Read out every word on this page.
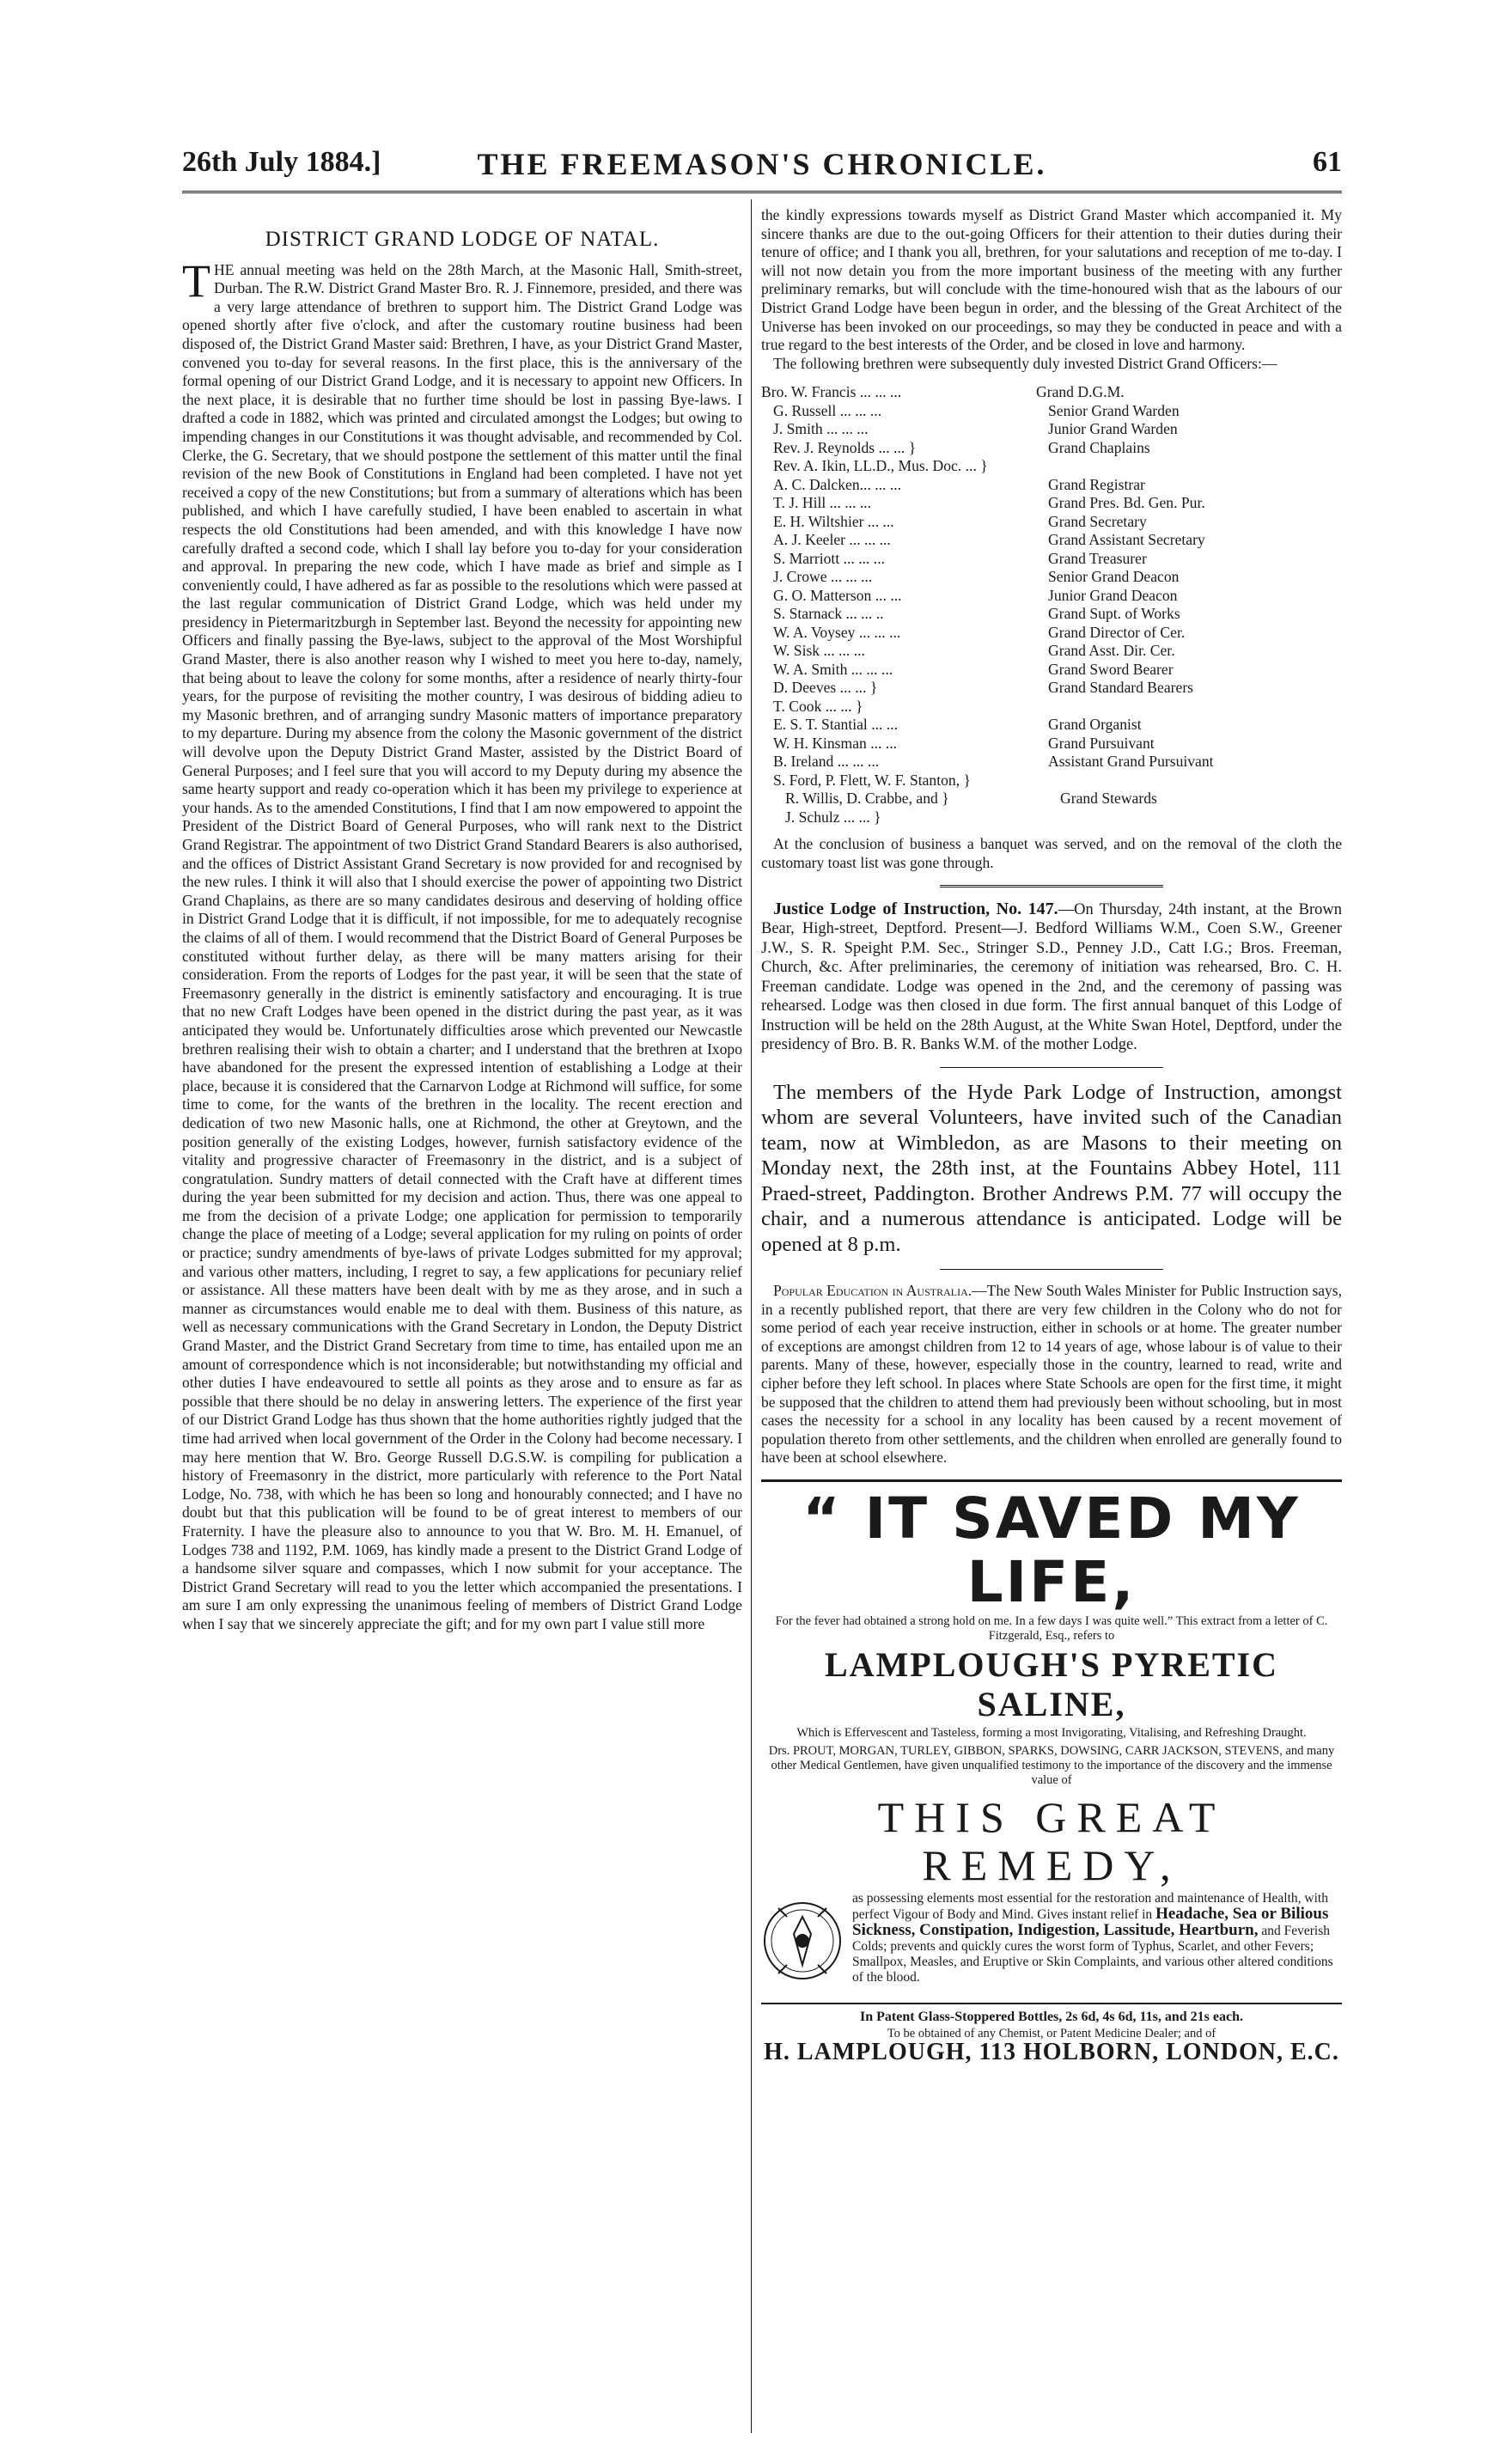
26th July 1884.]	THE FREEMASON'S CHRONICLE.	61
DISTRICT GRAND LODGE OF NATAL.

THE annual meeting was held on the 28th March, at the Masonic Hall, Smith-street, Durban. The R.W. District Grand Master Bro. R. J. Finnemore, presided, and there was a very large attendance of brethren to support him. The District Grand Lodge was opened shortly after five o'clock, and after the customary routine business had been disposed of, the District Grand Master said: Brethren, I have, as your District Grand Master, convened you to-day for several reasons. In the first place, this is the anniversary of the formal opening of our District Grand Lodge, and it is necessary to appoint new Officers. In the next place, it is desirable that no further time should be lost in passing Bye-laws. I drafted a code in 1882, which was printed and circulated amongst the Lodges; but owing to impending changes in our Constitutions it was thought advisable, and recommended by Col. Clerke, the G. Secretary, that we should postpone the settlement of this matter until the final revision of the new Book of Constitutions in England had been completed. I have not yet received a copy of the new Constitutions; but from a summary of alterations which has been published, and which I have carefully studied, I have been enabled to ascertain in what respects the old Constitutions had been amended, and with this knowledge I have now carefully drafted a second code, which I shall lay before you to-day for your consideration and approval. In preparing the new code, which I have made as brief and simple as I conveniently could, I have adhered as far as possible to the resolutions which were passed at the last regular communication of District Grand Lodge, which was held under my presidency in Pietermaritzburgh in September last. Beyond the necessity for appointing new Officers and finally passing the Bye-laws, subject to the approval of the Most Worshipful Grand Master, there is also another reason why I wished to meet you here to-day, namely, that being about to leave the colony for some months, after a residence of nearly thirty-four years, for the purpose of revisiting the mother country, I was desirous of bidding adieu to my Masonic brethren, and of arranging sundry Masonic matters of importance preparatory to my departure. During my absence from the colony the Masonic government of the district will devolve upon the Deputy District Grand Master, assisted by the District Board of General Purposes; and I feel sure that you will accord to my Deputy during my absence the same hearty support and ready co-operation which it has been my privilege to experience at your hands. As to the amended Constitutions, I find that I am now empowered to appoint the President of the District Board of General Purposes, who will rank next to the District Grand Registrar. The appointment of two District Grand Standard Bearers is also authorised, and the offices of District Assistant Grand Secretary is now provided for and recognised by the new rules. I think it will also that I should exercise the power of appointing two District Grand Chaplains, as there are so many candidates desirous and deserving of holding office in District Grand Lodge that it is difficult, if not impossible, for me to adequately recognise the claims of all of them. I would recommend that the District Board of General Purposes be constituted without further delay, as there will be many matters arising for their consideration. From the reports of Lodges for the past year, it will be seen that the state of Freemasonry generally in the district is eminently satisfactory and encouraging. It is true that no new Craft Lodges have been opened in the district during the past year, as it was anticipated they would be. Unfortunately difficulties arose which prevented our Newcastle brethren realising their wish to obtain a charter; and I understand that the brethren at Ixopo have abandoned for the present the expressed intention of establishing a Lodge at their place, because it is considered that the Carnarvon Lodge at Richmond will suffice, for some time to come, for the wants of the brethren in the locality. The recent erection and dedication of two new Masonic halls, one at Richmond, the other at Greytown, and the position generally of the existing Lodges, however, furnish satisfactory evidence of the vitality and progressive character of Freemasonry in the district, and is a subject of congratulation. Sundry matters of detail connected with the Craft have at different times during the year been submitted for my decision and action. Thus, there was one appeal to me from the decision of a private Lodge; one application for permission to temporarily change the place of meeting of a Lodge; several application for my ruling on points of order or practice; sundry amendments of bye-laws of private Lodges submitted for my approval; and various other matters, including, I regret to say, a few applications for pecuniary relief or assistance. All these matters have been dealt with by me as they arose, and in such a manner as circumstances would enable me to deal with them. Business of this nature, as well as necessary communications with the Grand Secretary in London, the Deputy District Grand Master, and the District Grand Secretary from time to time, has entailed upon me an amount of correspondence which is not inconsiderable; but notwithstanding my official and other duties I have endeavoured to settle all points as they arose and to ensure as far as possible that there should be no delay in answering letters. The experience of the first year of our District Grand Lodge has thus shown that the home authorities rightly judged that the time had arrived when local government of the Order in the Colony had become necessary. I may here mention that W. Bro. George Russell D.G.S.W. is compiling for publication a history of Freemasonry in the district, more particularly with reference to the Port Natal Lodge, No. 738, with which he has been so long and honourably connected; and I have no doubt but that this publication will be found to be of great interest to members of our Fraternity. I have the pleasure also to announce to you that W. Bro. M. H. Emanuel, of Lodges 738 and 1192, P.M. 1069, has kindly made a present to the District Grand Lodge of a handsome silver square and compasses, which I now submit for your acceptance. The District Grand Secretary will read to you the letter which accompanied the presentations. I am sure I am only expressing the unanimous feeling of members of District Grand Lodge when I say that we sincerely appreciate the gift; and for my own part I value still more

the kindly expressions towards myself as District Grand Master which accompanied it. My sincere thanks are due to the out-going Officers for their attention to their duties during their tenure of office; and I thank you all, brethren, for your salutations and reception of me to-day. I will not now detain you from the more important business of the meeting with any further preliminary remarks, but will conclude with the time-honoured wish that as the labours of our District Grand Lodge have been begun in order, and the blessing of the Great Architect of the Universe has been invoked on our proceedings, so may they be conducted in peace and with a true regard to the best interests of the Order, and be closed in love and harmony.

The following brethren were subsequently duly invested District Grand Officers:—

Bro. W. Francis ... ... ...	Grand D.G.M.
G. Russell ... ... ...	Senior Grand Warden
J. Smith ... ... ...	Junior Grand Warden
Rev. J. Reynolds ... ... }	Grand Chaplains
Rev. A. Ikin, LL.D., Mus. Doc. ... }
A. C. Dalcken... ... ...	Grand Registrar
T. J. Hill ... ... ...	Grand Pres. Bd. Gen. Pur.
E. H. Wiltshier ... ...	Grand Secretary
A. J. Keeler ... ... ...	Grand Assistant Secretary
S. Marriott ... ... ...	Grand Treasurer
J. Crowe ... ... ...	Senior Grand Deacon
G. O. Matterson ... ...	Junior Grand Deacon
S. Starnack ... ... ..	Grand Supt. of Works
W. A. Voysey ... ... ...	Grand Director of Cer.
W. Sisk ... ... ...	Grand Asst. Dir. Cer.
W. A. Smith ... ... ...	Grand Sword Bearer
D. Deeves ... ... }	Grand Standard Bearers
T. Cook ... ... }
E. S. T. Stantial ... ...	Grand Organist
W. H. Kinsman ... ...	Grand Pursuivant
B. Ireland ... ... ...	Assistant Grand Pursuivant
S. Ford, P. Flett, W. F. Stanton, }
R. Willis, D. Crabbe, and }	Grand Stewards
J. Schulz ... ... }

At the conclusion of business a banquet was served, and on the removal of the cloth the customary toast list was gone through.

Justice Lodge of Instruction, No. 147.—On Thursday, 24th instant, at the Brown Bear, High-street, Deptford. Present—J. Bedford Williams W.M., Coen S.W., Greener J.W., S. R. Speight P.M. Sec., Stringer S.D., Penney J.D., Catt I.G.; Bros. Freeman, Church, &c. After preliminaries, the ceremony of initiation was rehearsed, Bro. C. H. Freeman candidate. Lodge was opened in the 2nd, and the ceremony of passing was rehearsed. Lodge was then closed in due form. The first annual banquet of this Lodge of Instruction will be held on the 28th August, at the White Swan Hotel, Deptford, under the presidency of Bro. B. R. Banks W.M. of the mother Lodge.

The members of the Hyde Park Lodge of Instruction, amongst whom are several Volunteers, have invited such of the Canadian team, now at Wimbledon, as are Masons to their meeting on Monday next, the 28th inst, at the Fountains Abbey Hotel, 111 Praed-street, Paddington. Brother Andrews P.M. 77 will occupy the chair, and a numerous attendance is anticipated. Lodge will be opened at 8 p.m.

Popular Education in Australia.—The New South Wales Minister for Public Instruction says, in a recently published report, that there are very few children in the Colony who do not for some period of each year receive instruction, either in schools or at home. The greater number of exceptions are amongst children from 12 to 14 years of age, whose labour is of value to their parents. Many of these, however, especially those in the country, learned to read, write and cipher before they left school. In places where State Schools are open for the first time, it might be supposed that the children to attend them had previously been without schooling, but in most cases the necessity for a school in any locality has been caused by a recent movement of population thereto from other settlements, and the children when enrolled are generally found to have been at school elsewhere.

“ IT SAVED MY LIFE,
For the fever had obtained a strong hold on me. In a few days I was quite well.” This extract from a letter of C. Fitzgerald, Esq., refers to
LAMPLOUGH'S PYRETIC SALINE,
Which is Effervescent and Tasteless, forming a most Invigorating, Vitalising, and Refreshing Draught.
Drs. PROUT, MORGAN, TURLEY, GIBBON, SPARKS, DOWSING, CARR JACKSON, STEVENS, and many other Medical Gentlemen, have given unqualified testimony to the importance of the discovery and the immense value of
THIS GREAT REMEDY,
as possessing elements most essential for the restoration and maintenance of Health, with perfect Vigour of Body and Mind. Gives instant relief in Headache, Sea or Bilious Sickness, Constipation, Indigestion, Lassitude, Heartburn, and Feverish Colds; prevents and quickly cures the worst form of Typhus, Scarlet, and other Fevers; Smallpox, Measles, and Eruptive or Skin Complaints, and various other altered conditions of the blood.
In Patent Glass-Stoppered Bottles, 2s 6d, 4s 6d, 11s, and 21s each.
To be obtained of any Chemist, or Patent Medicine Dealer; and of
H. LAMPLOUGH, 113 HOLBORN, LONDON, E.C.
